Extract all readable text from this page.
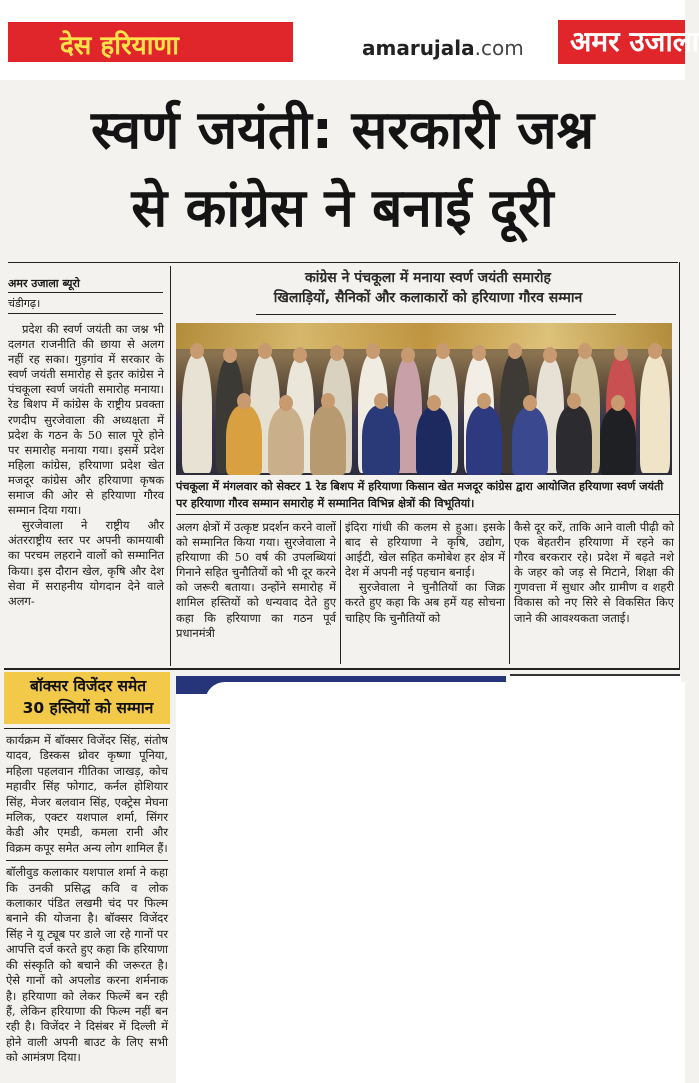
देस हरियाणा	amarujala.com अमर उजाला
स्वर्ण जयंती: सरकारी जश्न
से कांग्रेस ने बनाई दूरी
अमर उजाला ब्यूरो
चंडीगढ़।

प्रदेश की स्वर्ण जयंती का जश्न भी दलगत राजनीति की छाया से अलग नहीं रह सका। गुड़गांव में सरकार के स्वर्ण जयंती समारोह से इतर कांग्रेस ने पंचकूला स्वर्ण जयंती समारोह मनाया। रेड बिशप में कांग्रेस के राष्ट्रीय प्रवक्ता रणदीप सुरजेवाला की अध्यक्षता में प्रदेश के गठन के 50 साल पूरे होने पर समारोह मनाया गया। इसमें प्रदेश महिला कांग्रेस, हरियाणा प्रदेश खेत मजदूर कांग्रेस और हरियाणा कृषक समाज की ओर से हरियाणा गौरव सम्मान दिया गया।

सुरजेवाला ने राष्ट्रीय और अंतरराष्ट्रीय स्तर पर अपनी कामयाबी का परचम लहराने वालों को सम्मानित किया। इस दौरान खेल, कृषि और देश सेवा में सराहनीय योगदान देने वाले अलग-

कांग्रेस ने पंचकूला में मनाया स्वर्ण जयंती समारोह
खिलाड़ियों, सैनिकों और कलाकारों को हरियाणा गौरव सम्मान
पंचकूला में मंगलवार को सेक्टर 1 रेड बिशप में हरियाणा किसान खेत मजदूर कांग्रेस द्वारा आयोजित हरियाणा स्वर्ण जयंती पर हरियाणा गौरव सम्मान समारोह में सम्मानित विभिन्न क्षेत्रों की विभूतियां।

अलग क्षेत्रों में उत्कृष्ट प्रदर्शन करने वालों को सम्मानित किया गया। सुरजेवाला ने हरियाणा की 50 वर्ष की उपलब्धियां गिनाने सहित चुनौतियों को भी दूर करने को जरूरी बताया। उन्होंने समारोह में शामिल हस्तियों को धन्यवाद देते हुए कहा कि हरियाणा का गठन पूर्व प्रधानमंत्री

इंदिरा गांधी की कलम से हुआ। इसके बाद से हरियाणा ने कृषि, उद्योग, आईटी, खेल सहित कमोबेश हर क्षेत्र में देश में अपनी नई पहचान बनाई।

सुरजेवाला ने चुनौतियों का जिक्र करते हुए कहा कि अब हमें यह सोचना चाहिए कि चुनौतियों को

कैसे दूर करें, ताकि आने वाली पीढ़ी को एक बेहतरीन हरियाणा में रहने का गौरव बरकरार रहे। प्रदेश में बढ़ते नशे के जहर को जड़ से मिटाने, शिक्षा की गुणवत्ता में सुधार और ग्रामीण व शहरी विकास को नए सिरे से विकसित किए जाने की आवश्यकता जताई।

बॉक्सर विजेंदर समेत
30 हस्तियों को सम्मान

कार्यक्रम में बॉक्सर विजेंदर सिंह, संतोष यादव, डिस्कस थ्रोवर कृष्णा पूनिया, महिला पहलवान गीतिका जाखड़, कोच महावीर सिंह फोगाट, कर्नल होशियार सिंह, मेजर बलवान सिंह, एक्ट्रेस मेघना मलिक, एक्टर यशपाल शर्मा, सिंगर केडी और एमडी, कमला रानी और विक्रम कपूर समेत अन्य लोग शामिल हैं।

बॉलीवुड कलाकार यशपाल शर्मा ने कहा कि उनकी प्रसिद्ध कवि व लोक कलाकार पंडित लखमी चंद पर फिल्म बनाने की योजना है। बॉक्सर विजेंदर सिंह ने यू ट्यूब पर डाले जा रहे गानों पर आपत्ति दर्ज करते हुए कहा कि हरियाणा की संस्कृति को बचाने की जरूरत है। ऐसे गानों को अपलोड करना शर्मनाक है। हरियाणा को लेकर फिल्में बन रही हैं, लेकिन हरियाणा की फिल्म नहीं बन रही है। विजेंदर ने दिसंबर में दिल्ली में होने वाली अपनी बाउट के लिए सभी को आमंत्रण दिया।
